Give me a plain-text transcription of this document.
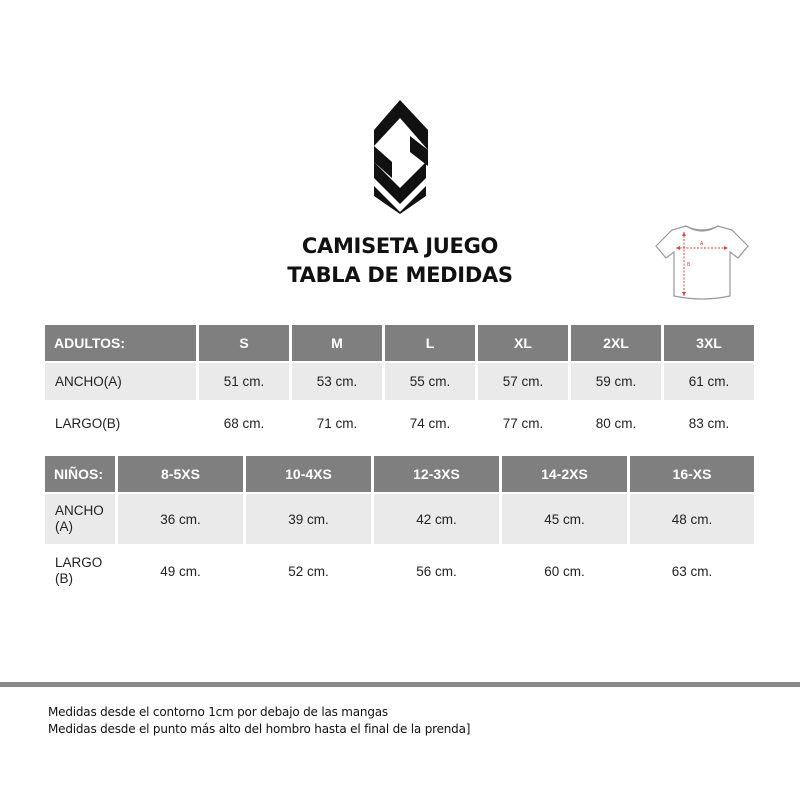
CAMISETA JUEGO
TABLA DE MEDIDAS
A
B
ADULTOS:	S	M	L	XL	2XL	3XL
ANCHO(A)	51 cm.	53 cm.	55 cm.	57 cm.	59 cm.	61 cm.
LARGO(B)	68 cm.	71 cm.	74 cm.	77 cm.	80 cm.	83 cm.
NIÑOS:	8-5XS	10-4XS	12-3XS	14-2XS	16-XS
ANCHO
(A)	36 cm.	39 cm.	42 cm.	45 cm.	48 cm.
LARGO
(B)	49 cm.	52 cm.	56 cm.	60 cm.	63 cm.
Medidas desde el contorno 1cm por debajo de las mangas
Medidas desde el punto más alto del hombro hasta el final de la prenda]
